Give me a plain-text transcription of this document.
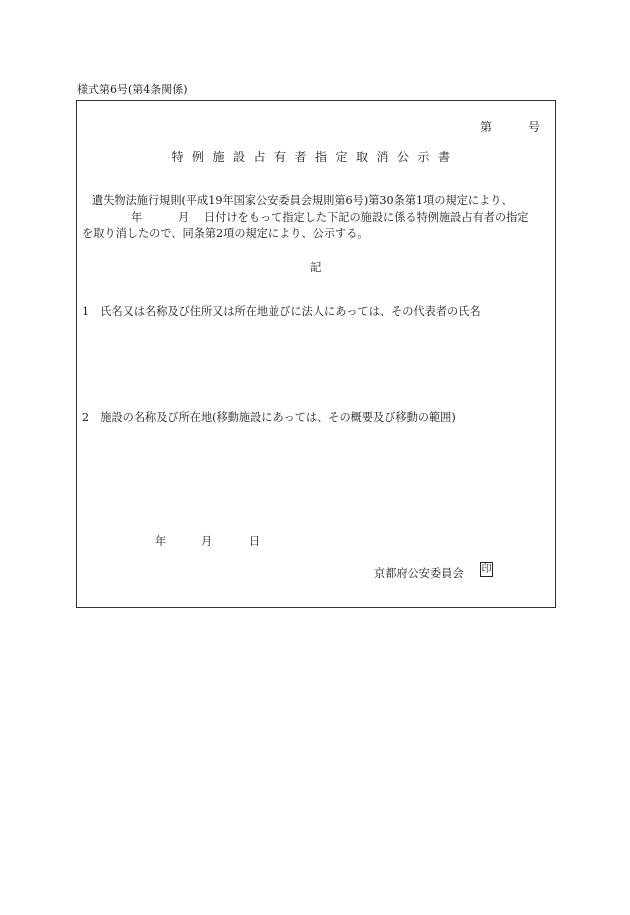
様式第6号(第4条関係)
第	号
特例施設占有者指定取消公示書
遺失物法施行規則(平成19年国家公安委員会規則第6号)第30条第1項の規定により、
年	月 日付けをもって指定した下記の施設に係る特例施設占有者の指定
を取り消したので、同条第2項の規定により、公示する。
記
1　氏名又は名称及び住所又は所在地並びに法人にあっては、その代表者の氏名
2　施設の名称及び所在地(移動施設にあっては、その概要及び移動の範囲)
年	月	日
京都府公安委員会 印
